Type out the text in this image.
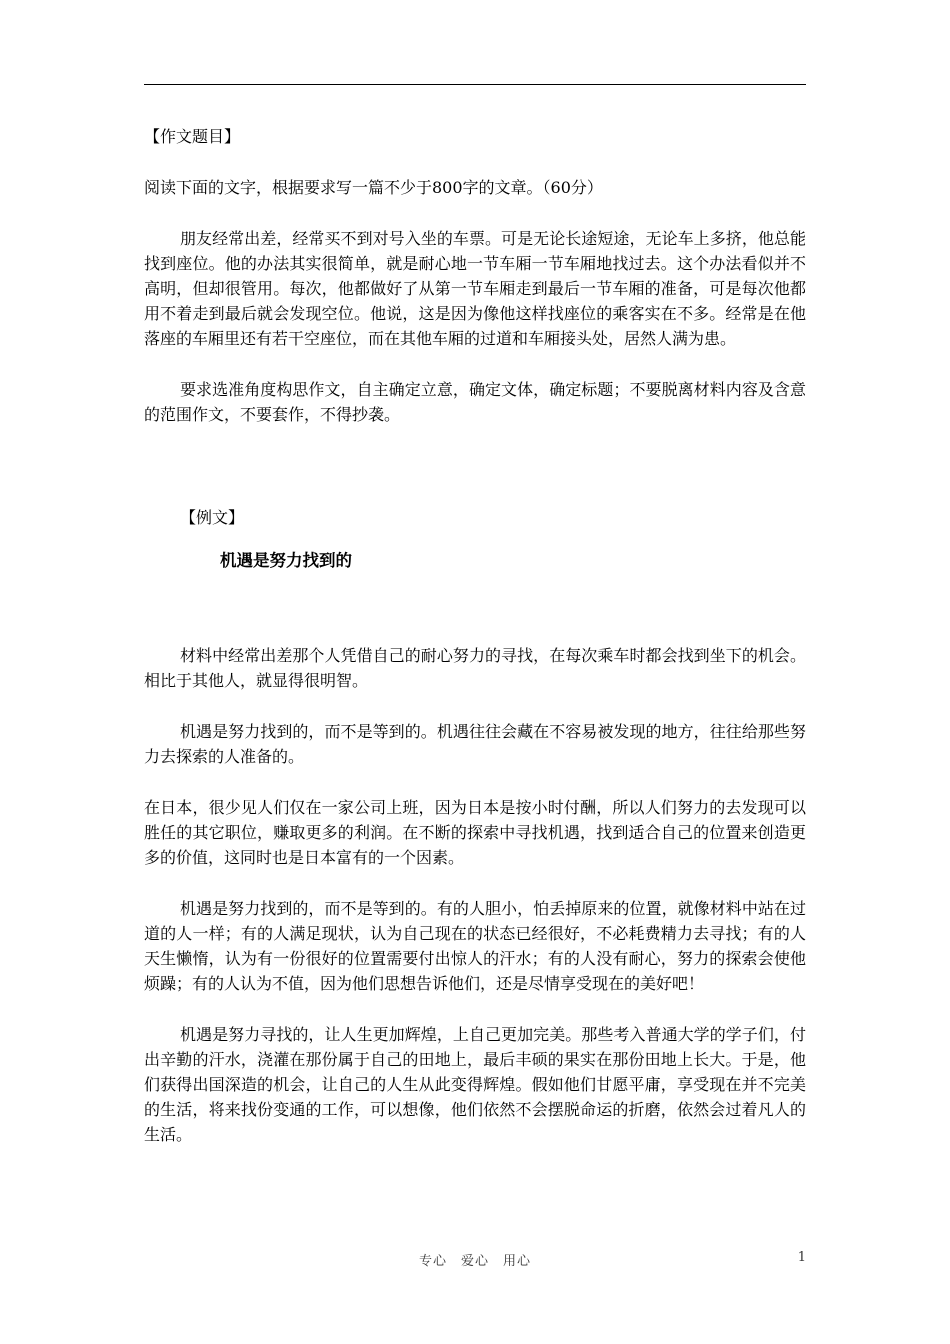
【作文题目】

阅读下面的文字，根据要求写一篇不少于800字的文章。（60分）

朋友经常出差，经常买不到对号入坐的车票。可是无论长途短途，无论车上多挤，他总能找到座位。他的办法其实很简单，就是耐心地一节车厢一节车厢地找过去。这个办法看似并不高明，但却很管用。每次，他都做好了从第一节车厢走到最后一节车厢的准备，可是每次他都用不着走到最后就会发现空位。他说，这是因为像他这样找座位的乘客实在不多。经常是在他落座的车厢里还有若干空座位，而在其他车厢的过道和车厢接头处，居然人满为患。

要求选准角度构思作文，自主确定立意，确定文体，确定标题；不要脱离材料内容及含意的范围作文，不要套作，不得抄袭。

【例文】

机遇是努力找到的

材料中经常出差那个人凭借自己的耐心努力的寻找，在每次乘车时都会找到坐下的机会。相比于其他人，就显得很明智。

机遇是努力找到的，而不是等到的。机遇往往会藏在不容易被发现的地方，往往给那些努力去探索的人准备的。

在日本，很少见人们仅在一家公司上班，因为日本是按小时付酬，所以人们努力的去发现可以胜任的其它职位，赚取更多的利润。在不断的探索中寻找机遇，找到适合自己的位置来创造更多的价值，这同时也是日本富有的一个因素。

机遇是努力找到的，而不是等到的。有的人胆小，怕丢掉原来的位置，就像材料中站在过道的人一样；有的人满足现状，认为自己现在的状态已经很好，不必耗费精力去寻找；有的人天生懒惰，认为有一份很好的位置需要付出惊人的汗水；有的人没有耐心，努力的探索会使他烦躁；有的人认为不值，因为他们思想告诉他们，还是尽情享受现在的美好吧！

机遇是努力寻找的，让人生更加辉煌，上自己更加完美。那些考入普通大学的学子们，付出辛勤的汗水，浇灌在那份属于自己的田地上，最后丰硕的果实在那份田地上长大。于是，他们获得出国深造的机会，让自己的人生从此变得辉煌。假如他们甘愿平庸，享受现在并不完美的生活，将来找份变通的工作，可以想像，他们依然不会摆脱命运的折磨，依然会过着凡人的生活。

专心　爱心　用心	1
